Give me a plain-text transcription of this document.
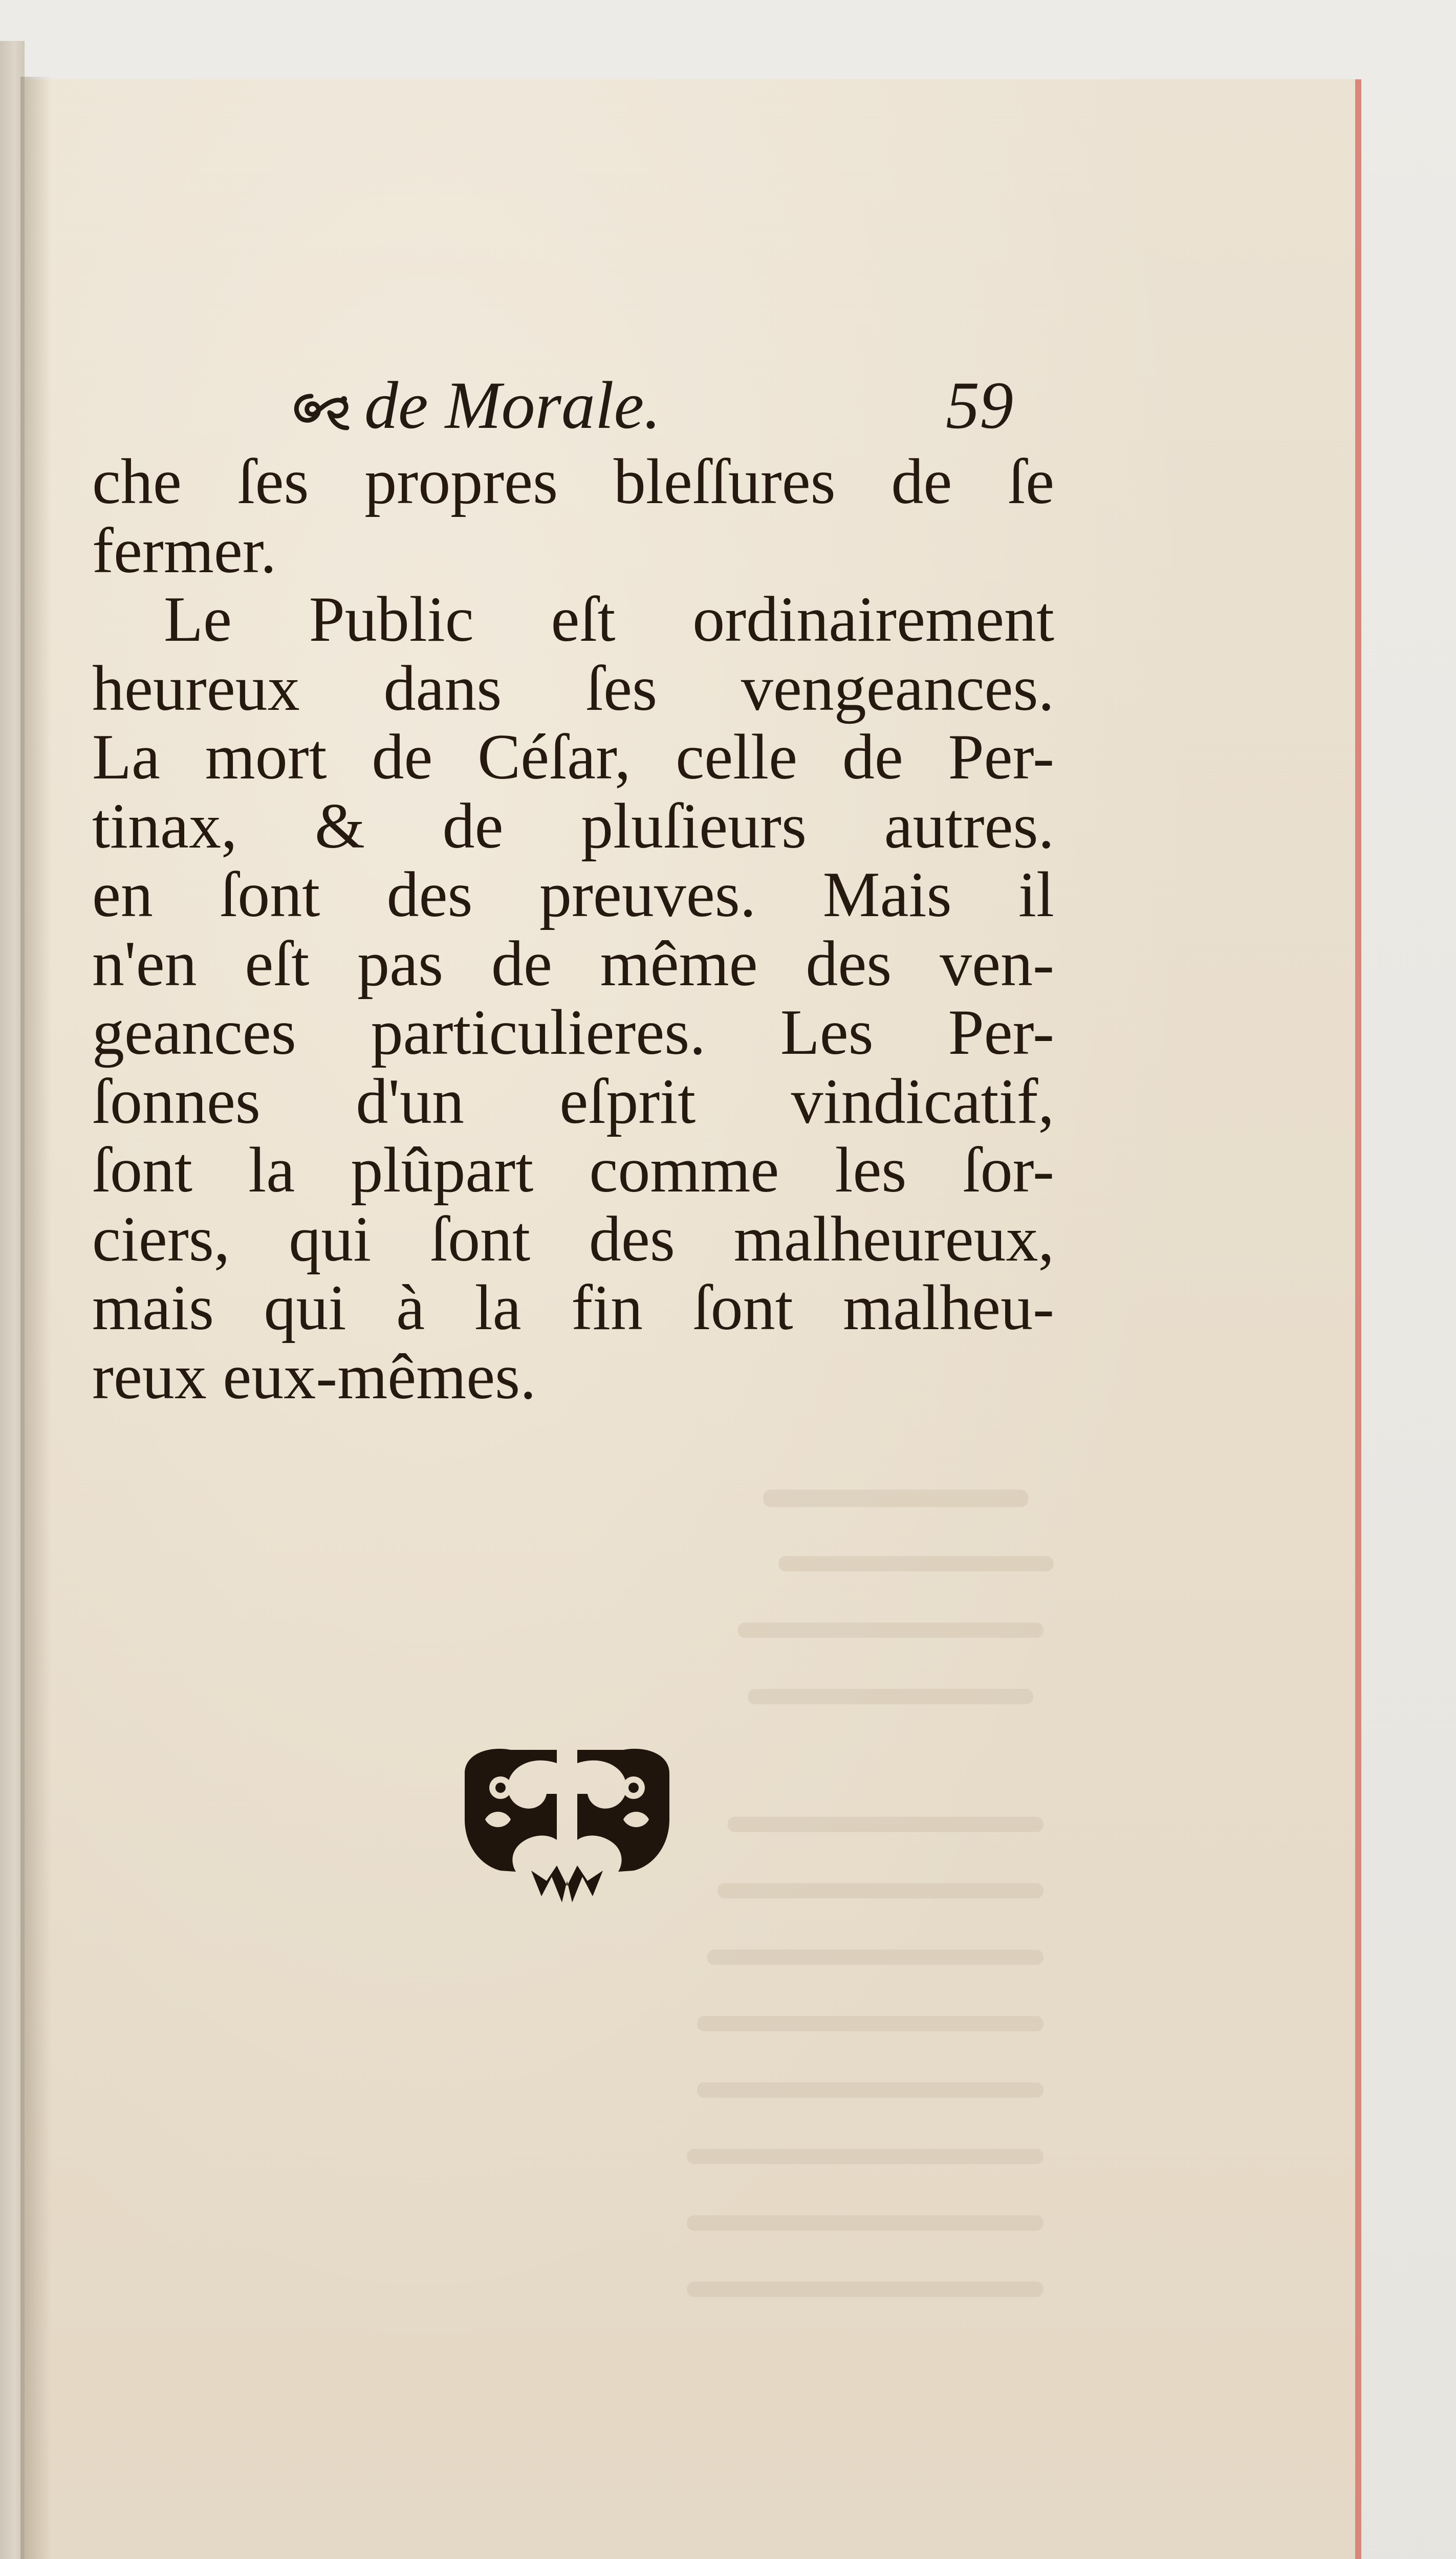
de Morale.	59

che ſes propres bleſſures de ſe
fermer.
Le Public eſt ordinairement
heureux dans ſes vengeances.
La mort de Céſar, celle de Per-
tinax, & de pluſieurs autres.
en ſont des preuves. Mais il
n'en eſt pas de même des ven-
geances particulieres. Les Per-
ſonnes d'un eſprit vindicatif,
ſont la plûpart comme les ſor-
ciers, qui ſont des malheureux,
mais qui à la fin ſont malheu-
reux eux-mêmes.
